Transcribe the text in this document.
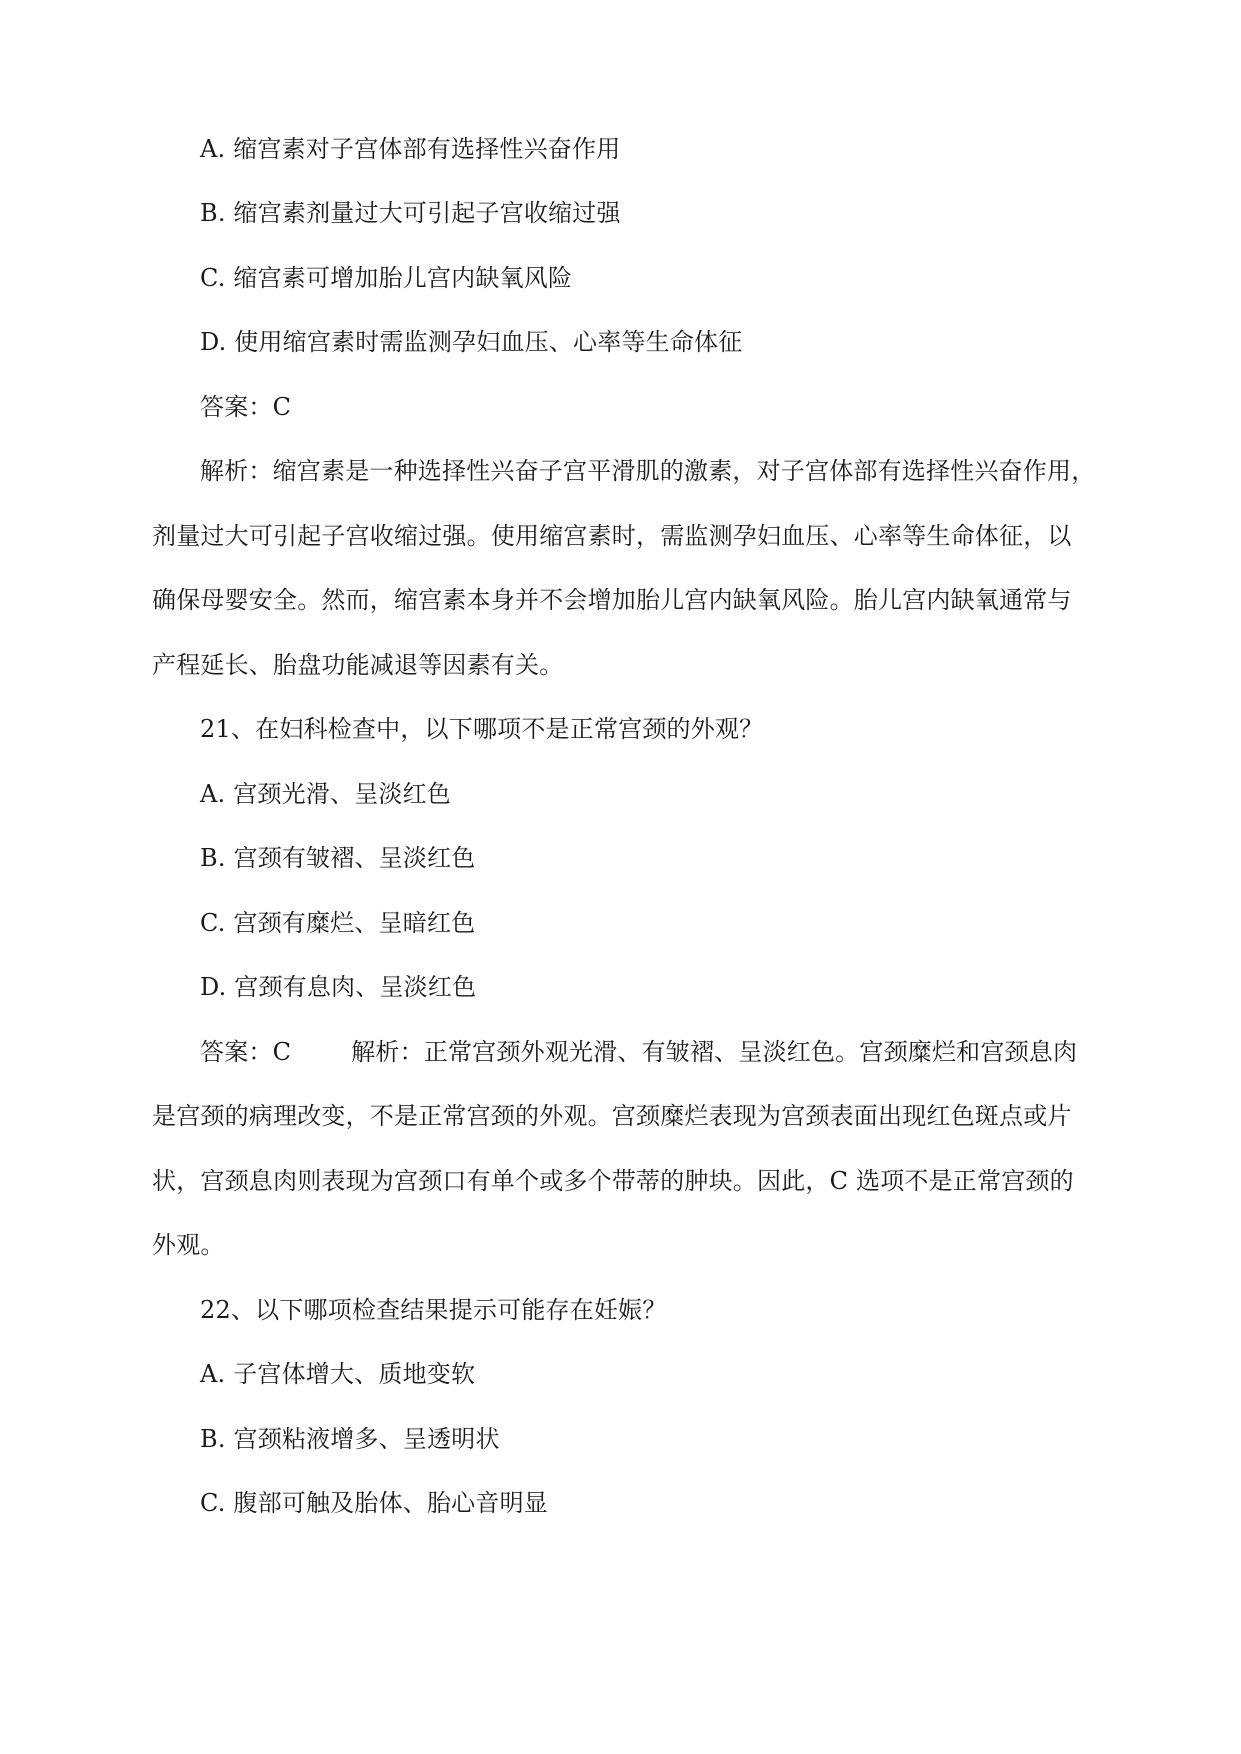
A. 缩宫素对子宫体部有选择性兴奋作用
B. 缩宫素剂量过大可引起子宫收缩过强
C. 缩宫素可增加胎儿宫内缺氧风险
D. 使用缩宫素时需监测孕妇血压、心率等生命体征
答案：C
解析：缩宫素是一种选择性兴奋子宫平滑肌的激素，对子宫体部有选择性兴奋作用，
剂量过大可引起子宫收缩过强。使用缩宫素时，需监测孕妇血压、心率等生命体征，以
确保母婴安全。然而，缩宫素本身并不会增加胎儿宫内缺氧风险。胎儿宫内缺氧通常与
产程延长、胎盘功能减退等因素有关。
21、在妇科检查中，以下哪项不是正常宫颈的外观？
A. 宫颈光滑、呈淡红色
B. 宫颈有皱褶、呈淡红色
C. 宫颈有糜烂、呈暗红色
D. 宫颈有息肉、呈淡红色
答案：C	解析：正常宫颈外观光滑、有皱褶、呈淡红色。宫颈糜烂和宫颈息肉
是宫颈的病理改变，不是正常宫颈的外观。宫颈糜烂表现为宫颈表面出现红色斑点或片
状，宫颈息肉则表现为宫颈口有单个或多个带蒂的肿块。因此，C 选项不是正常宫颈的
外观。
22、以下哪项检查结果提示可能存在妊娠？
A. 子宫体增大、质地变软
B. 宫颈粘液增多、呈透明状
C. 腹部可触及胎体、胎心音明显
